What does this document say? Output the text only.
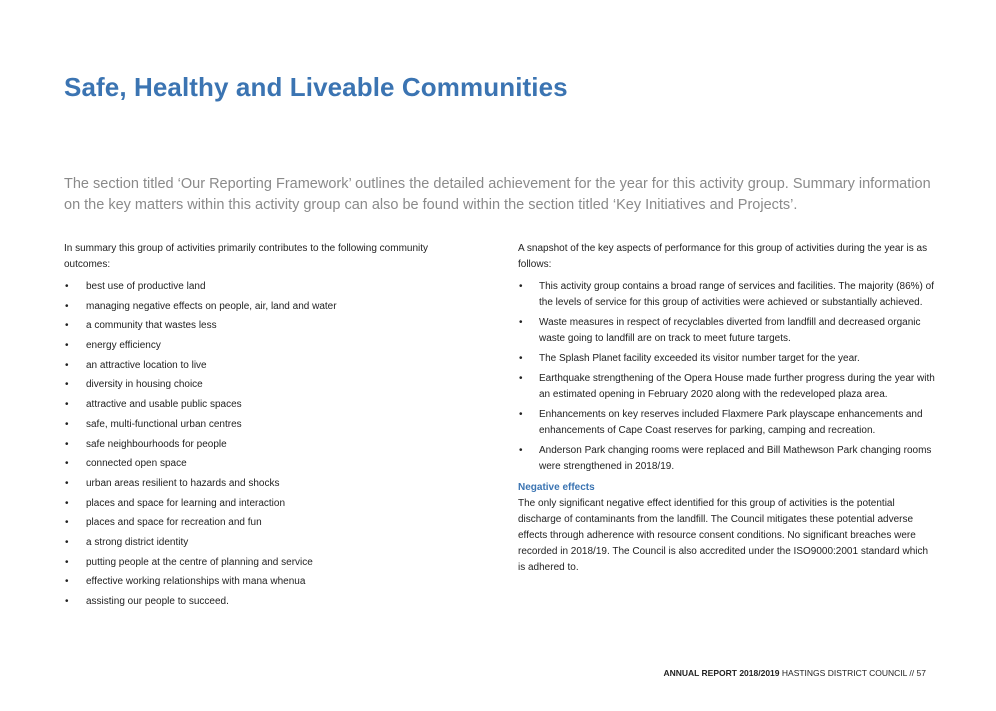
Safe, Healthy and Liveable Communities
The section titled ‘Our Reporting Framework’ outlines the detailed achievement for the year for this activity group. Summary information on the key matters within this activity group can also be found within the section titled ‘Key Initiatives and Projects’.

In summary this group of activities primarily contributes to the following community outcomes:

• best use of productive land
• managing negative effects on people, air, land and water
• a community that wastes less
• energy efficiency
• an attractive location to live
• diversity in housing choice
• attractive and usable public spaces
• safe, multi-functional urban centres
• safe neighbourhoods for people
• connected open space
• urban areas resilient to hazards and shocks
• places and space for learning and interaction
• places and space for recreation and fun
• a strong district identity
• putting people at the centre of planning and service
• effective working relationships with mana whenua
• assisting our people to succeed.

A snapshot of the key aspects of performance for this group of activities during the year is as follows:

• This activity group contains a broad range of services and facilities. The majority (86%) of the levels of service for this group of activities were achieved or substantially achieved.
• Waste measures in respect of recyclables diverted from landfill and decreased organic waste going to landfill are on track to meet future targets.
• The Splash Planet facility exceeded its visitor number target for the year.
• Earthquake strengthening of the Opera House made further progress during the year with an estimated opening in February 2020 along with the redeveloped plaza area.
• Enhancements on key reserves included Flaxmere Park playscape enhancements and enhancements of Cape Coast reserves for parking, camping and recreation.
• Anderson Park changing rooms were replaced and Bill Mathewson Park changing rooms were strengthened in 2018/19.

Negative effects

The only significant negative effect identified for this group of activities is the potential discharge of contaminants from the landfill. The Council mitigates these potential adverse effects through adherence with resource consent conditions. No significant breaches were recorded in 2018/19. The Council is also accredited under the ISO9000:2001 standard which is adhered to.

ANNUAL REPORT 2018/2019 HASTINGS DISTRICT COUNCIL // 57
